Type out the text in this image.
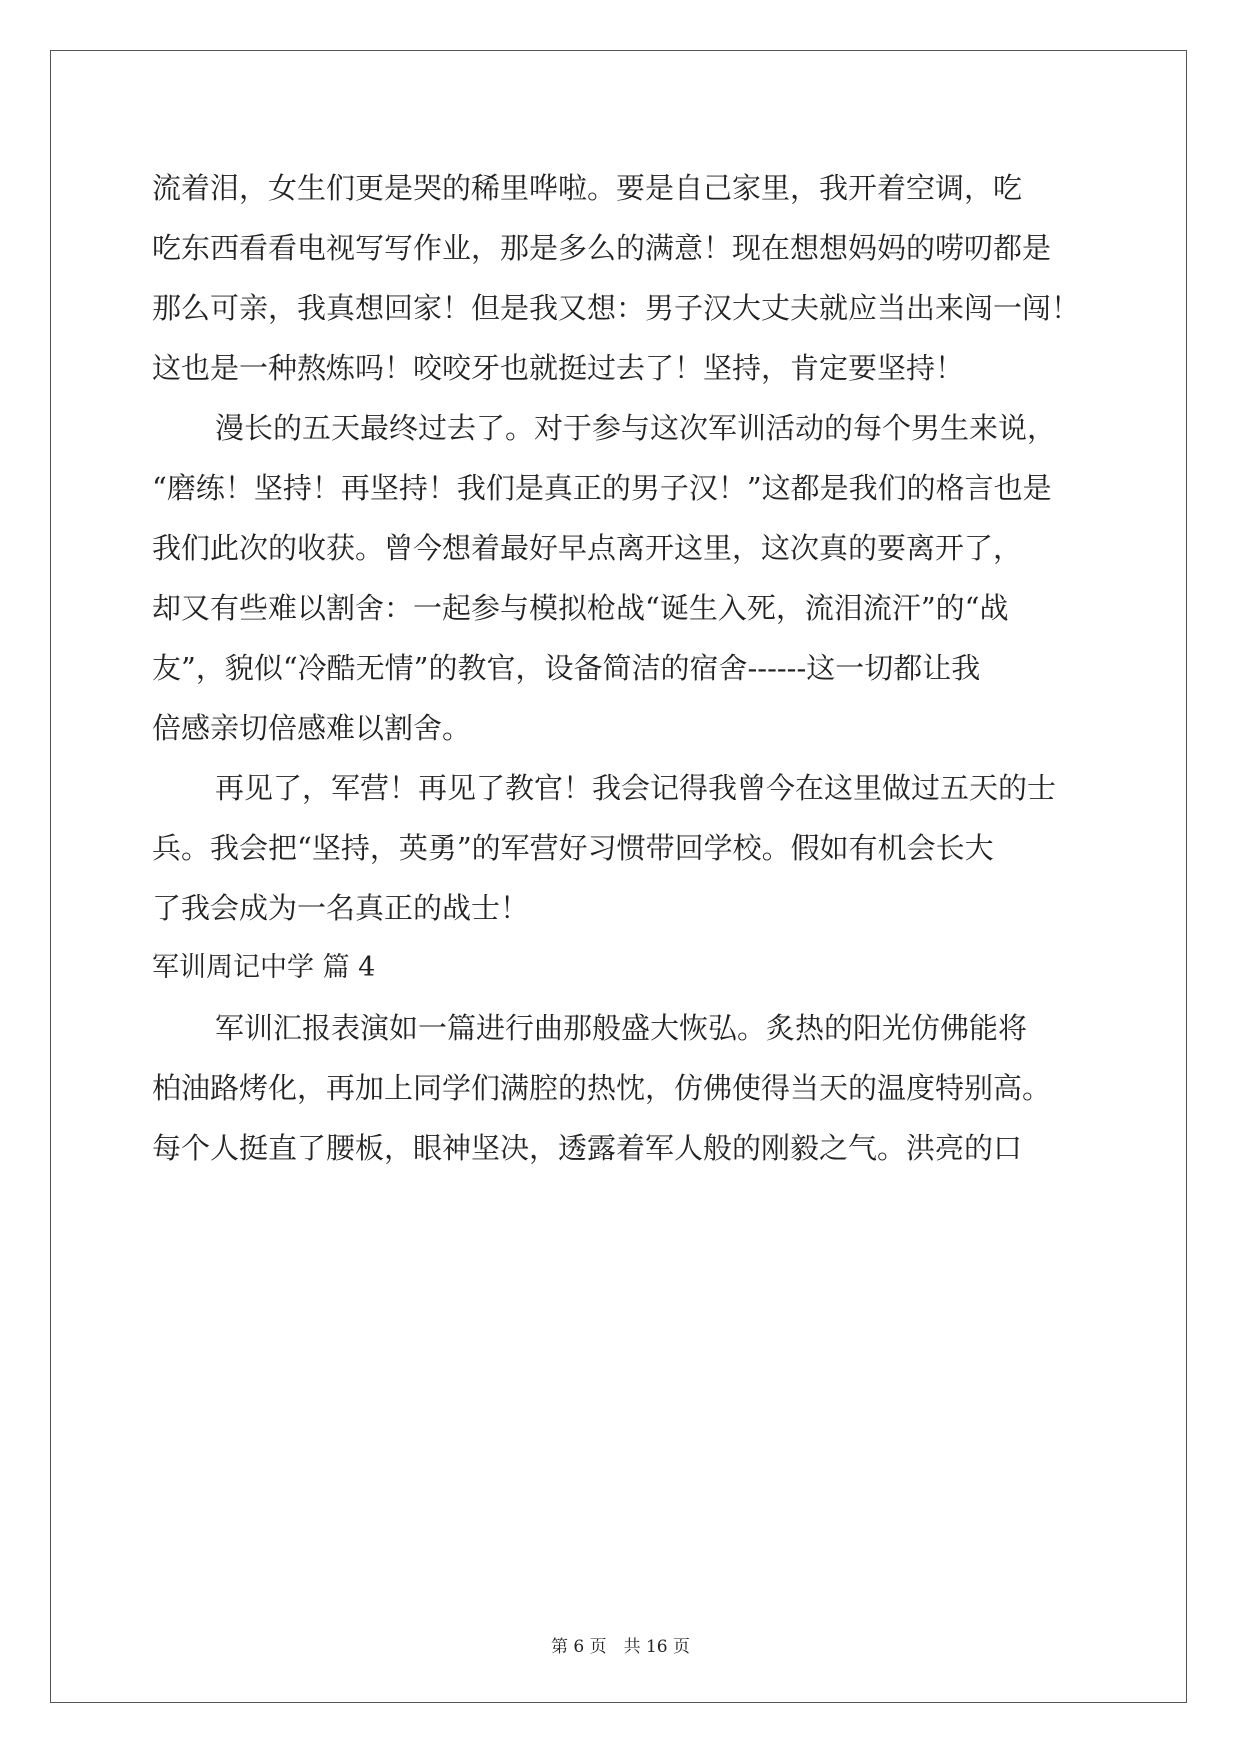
流着泪，女生们更是哭的稀里哗啦。要是自己家里，我开着空调，吃
吃东西看看电视写写作业，那是多么的满意！现在想想妈妈的唠叨都是
那么可亲，我真想回家！但是我又想：男子汉大丈夫就应当出来闯一闯！
这也是一种熬炼吗！咬咬牙也就挺过去了！坚持，肯定要坚持！
漫长的五天最终过去了。对于参与这次军训活动的每个男生来说，
“磨练！坚持！再坚持！我们是真正的男子汉！”这都是我们的格言也是
我们此次的收获。曾今想着最好早点离开这里，这次真的要离开了，
却又有些难以割舍：一起参与模拟枪战“诞生入死，流泪流汗”的“战
友”，貌似“冷酷无情”的教官，设备简洁的宿舍------这一切都让我
倍感亲切倍感难以割舍。
再见了，军营！再见了教官！我会记得我曾今在这里做过五天的士
兵。我会把“坚持，英勇”的军营好习惯带回学校。假如有机会长大
了我会成为一名真正的战士！
军训周记中学 篇 4
军训汇报表演如一篇进行曲那般盛大恢弘。炙热的阳光仿佛能将
柏油路烤化，再加上同学们满腔的热忱，仿佛使得当天的温度特别高。
每个人挺直了腰板，眼神坚决，透露着军人般的刚毅之气。洪亮的口
第 6 页　共 16 页
